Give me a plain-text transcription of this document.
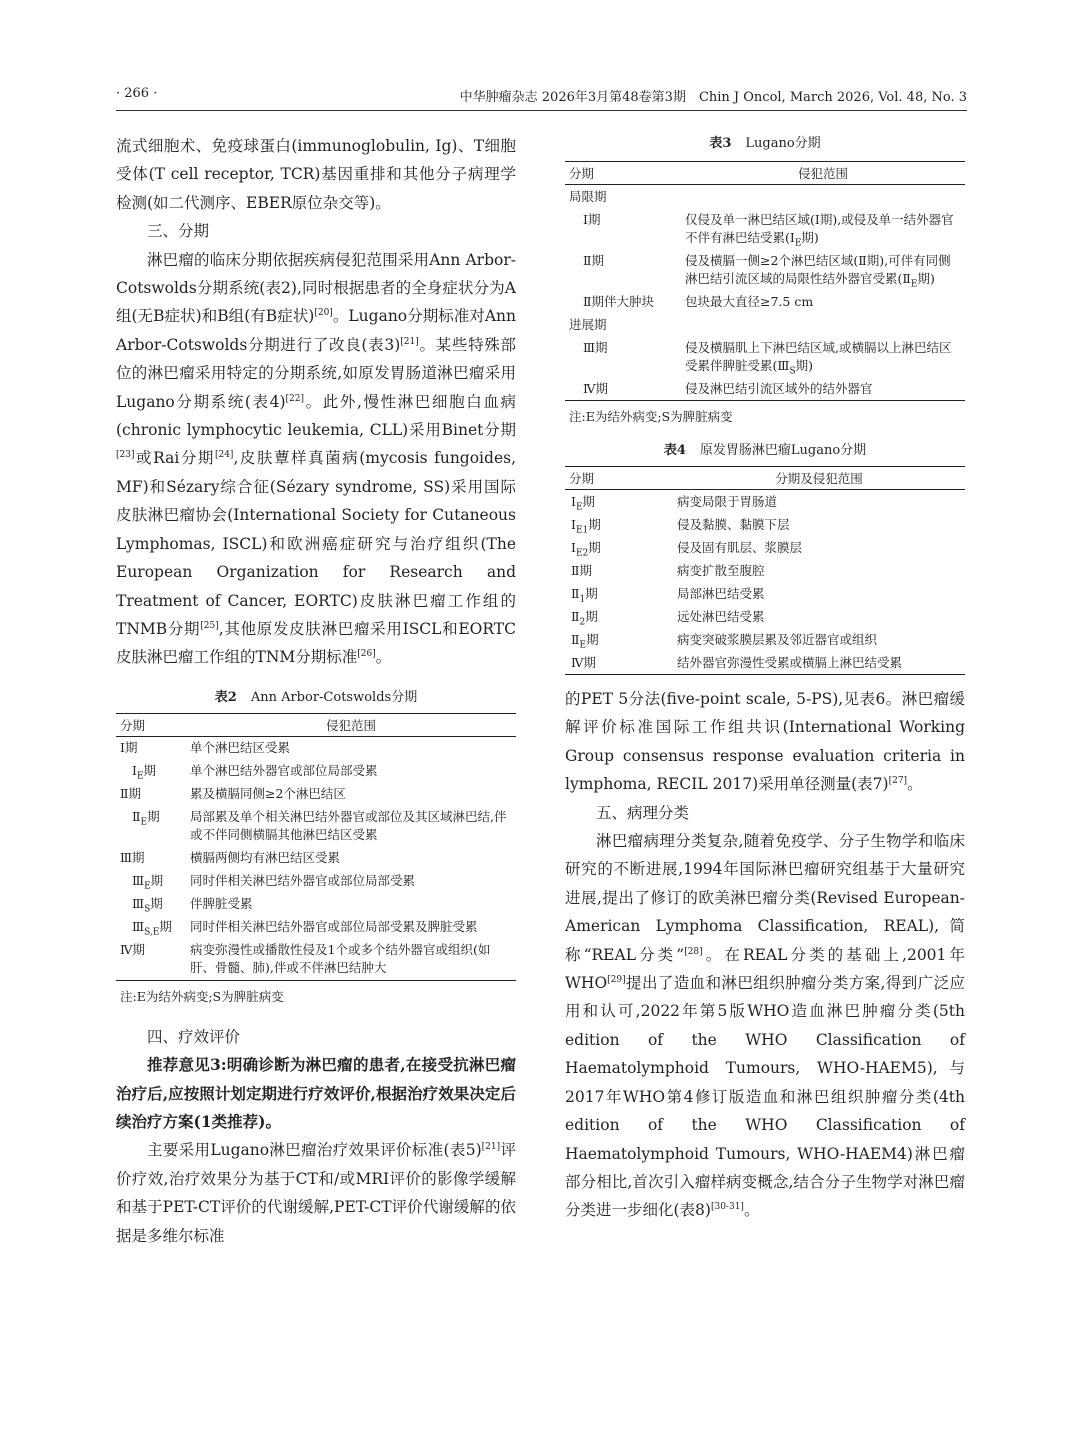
· 266 ·	中华肿瘤杂志 2026年3月第48卷第3期　Chin J Oncol, March 2026, Vol. 48, No. 3

流式细胞术、免疫球蛋白(immunoglobulin, Ig)、T细胞受体(T cell receptor, TCR)基因重排和其他分子病理学检测(如二代测序、EBER原位杂交等)。

三、分期

淋巴瘤的临床分期依据疾病侵犯范围采用Ann Arbor-Cotswolds分期系统(表2),同时根据患者的全身症状分为A组(无B症状)和B组(有B症状)[20]。Lugano分期标准对Ann Arbor-Cotswolds分期进行了改良(表3)[21]。某些特殊部位的淋巴瘤采用特定的分期系统,如原发胃肠道淋巴瘤采用Lugano分期系统(表4)[22]。此外,慢性淋巴细胞白血病(chronic lymphocytic leukemia, CLL)采用Binet分期[23]或Rai分期[24],皮肤蕈样真菌病(mycosis fungoides, MF)和Sézary综合征(Sézary syndrome, SS)采用国际皮肤淋巴瘤协会(International Society for Cutaneous Lymphomas, ISCL)和欧洲癌症研究与治疗组织(The European Organization for Research and Treatment of Cancer, EORTC)皮肤淋巴瘤工作组的TNMB分期[25],其他原发皮肤淋巴瘤采用ISCL和EORTC皮肤淋巴瘤工作组的TNM分期标准[26]。

表2 Ann Arbor-Cotswolds分期

分期	侵犯范围
Ⅰ期	单个淋巴结区受累
$Ⅰ_E$期	单个淋巴结外器官或部位局部受累
Ⅱ期	累及横膈同侧≥2个淋巴结区
$Ⅱ_E$期	局部累及单个相关淋巴结外器官或部位及其区域淋巴结,伴或不伴同侧横膈其他淋巴结区受累
Ⅲ期	横膈两侧均有淋巴结区受累
$Ⅲ_E$期	同时伴相关淋巴结外器官或部位局部受累
$Ⅲ_S$期	伴脾脏受累
$Ⅲ_{S,E}$期	同时伴相关淋巴结外器官或部位局部受累及脾脏受累
Ⅳ期	病变弥漫性或播散性侵及1个或多个结外器官或组织(如肝、骨髓、肺),伴或不伴淋巴结肿大

注:E为结外病变;S为脾脏病变

四、疗效评价

推荐意见3:明确诊断为淋巴瘤的患者,在接受抗淋巴瘤治疗后,应按照计划定期进行疗效评价,根据治疗效果决定后续治疗方案(1类推荐)。

主要采用Lugano淋巴瘤治疗效果评价标准(表5)[21]评价疗效,治疗效果分为基于CT和/或MRI评价的影像学缓解和基于PET-CT评价的代谢缓解,PET-CT评价代谢缓解的依据是多维尔标准

表3 Lugano分期

分期	侵犯范围
局限期	
Ⅰ期	仅侵及单一淋巴结区域(Ⅰ期),或侵及单一结外器官不伴有淋巴结受累($Ⅰ_E$期)
Ⅱ期	侵及横膈一侧≥2个淋巴结区域(Ⅱ期),可伴有同侧淋巴结引流区域的局限性结外器官受累($Ⅱ_E$期)
Ⅱ期伴大肿块	包块最大直径≥7.5 cm
进展期	
Ⅲ期	侵及横膈肌上下淋巴结区域,或横膈以上淋巴结区受累伴脾脏受累($Ⅲ_S$期)
Ⅳ期	侵及淋巴结引流区域外的结外器官

注:E为结外病变;S为脾脏病变

表4 原发胃肠淋巴瘤Lugano分期

分期	分期及侵犯范围
$Ⅰ_E$期	病变局限于胃肠道
$Ⅰ_{E1}$期	侵及黏膜、黏膜下层
$Ⅰ_{E2}$期	侵及固有肌层、浆膜层
Ⅱ期	病变扩散至腹腔
$Ⅱ_1$期	局部淋巴结受累
$Ⅱ_2$期	远处淋巴结受累
$Ⅱ_E$期	病变突破浆膜层累及邻近器官或组织
Ⅳ期	结外器官弥漫性受累或横膈上淋巴结受累

的PET 5分法(five-point scale, 5-PS),见表6。淋巴瘤缓解评价标准国际工作组共识(International Working Group consensus response evaluation criteria in lymphoma, RECIL 2017)采用单径测量(表7)[27]。

五、病理分类

淋巴瘤病理分类复杂,随着免疫学、分子生物学和临床研究的不断进展,1994年国际淋巴瘤研究组基于大量研究进展,提出了修订的欧美淋巴瘤分类(Revised European-American Lymphoma Classification, REAL),简称“REAL分类”[28]。在REAL分类的基础上,2001年WHO[29]提出了造血和淋巴组织肿瘤分类方案,得到广泛应用和认可,2022年第5版WHO造血淋巴肿瘤分类(5th edition of the WHO Classification of Haematolymphoid Tumours, WHO-HAEM5),与2017年WHO第4修订版造血和淋巴组织肿瘤分类(4th edition of the WHO Classification of Haematolymphoid Tumours, WHO-HAEM4)淋巴瘤部分相比,首次引入瘤样病变概念,结合分子生物学对淋巴瘤分类进一步细化(表8)[30-31]。
